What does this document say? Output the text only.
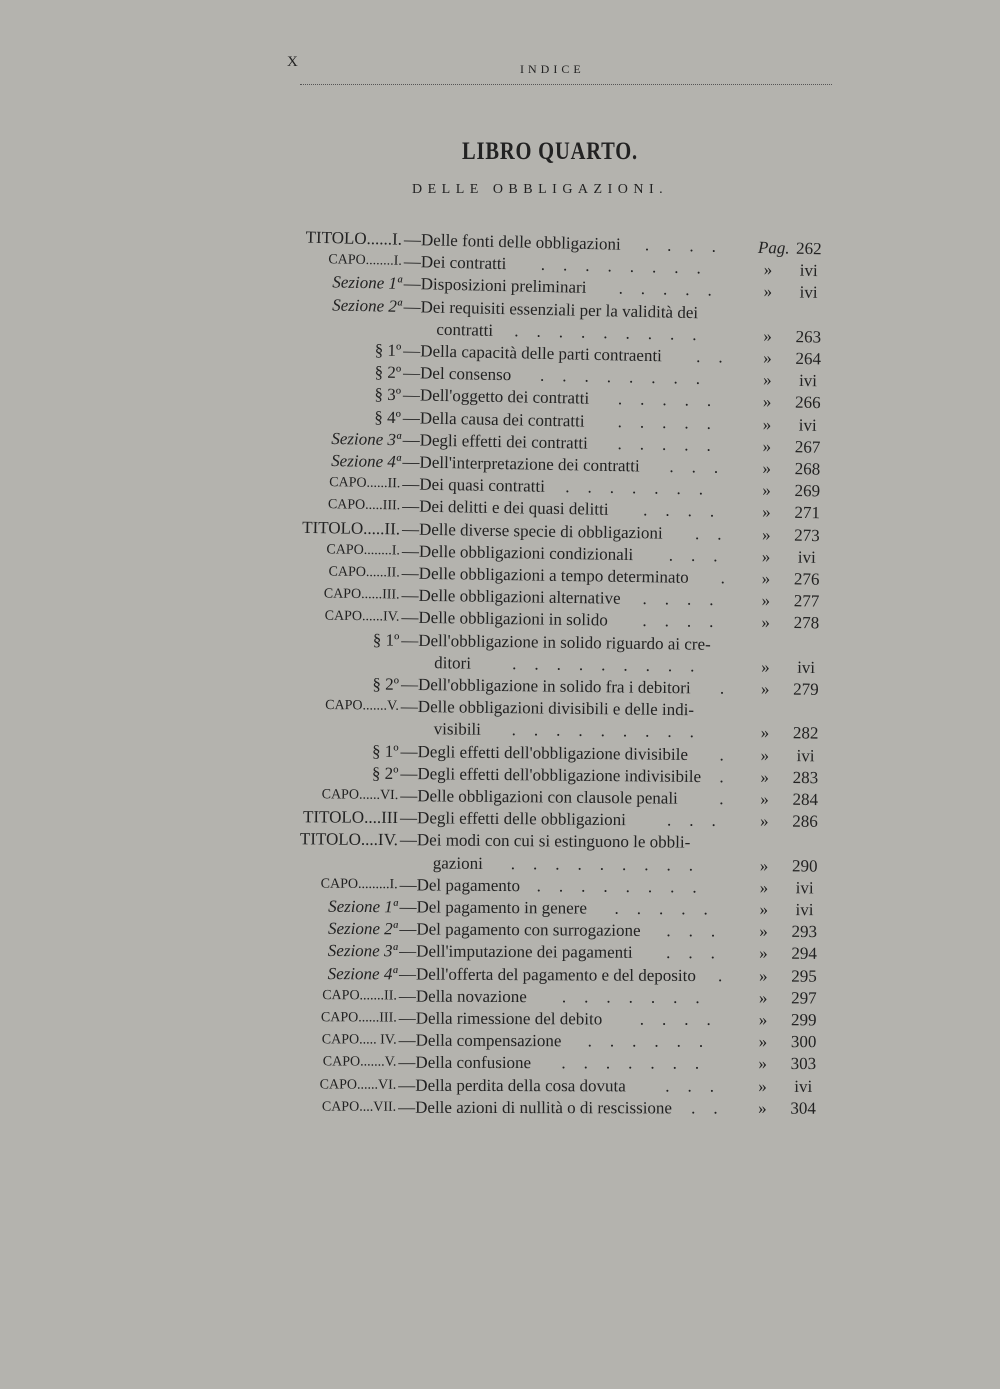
X	INDICE
LIBRO QUARTO.
DELLE OBBLIGAZIONI.
TITOLO......I. — Delle fonti delle obbligazioni .... Pag. 262
CAPO........I. — Dei contratti ........	»	ivi
Sezione 1ª — Disposizioni preliminari ..... »	ivi
Sezione 2ª — Dei requisiti essenziali per la validità dei
contratti .........	»	263
§ 1º — Della capacità delle parti contraenti .. »	264
§ 2º — Del consenso ........	»	ivi
§ 3º — Dell'oggetto dei contratti ..... »	266
§ 4º — Della causa dei contratti ..... »	ivi
Sezione 3ª — Degli effetti dei contratti ..... »	267
Sezione 4ª — Dell'interpretazione dei contratti ... »	268
CAPO......II. — Dei quasi contratti ....... »	269
CAPO.....III. — Dei delitti e dei quasi delitti .... »	271
TITOLO.....II. — Delle diverse specie di obbligazioni .. »	273
CAPO........I. — Delle obbligazioni condizionali ... »	ivi
CAPO......II. — Delle obbligazioni a tempo determinato . »	276
CAPO......III. — Delle obbligazioni alternative .... »	277
CAPO......IV. — Delle obbligazioni in solido .... »	278
§ 1º — Dell'obbligazione in solido riguardo ai cre-
ditori .........	»	ivi
§ 2º — Dell'obbligazione in solido fra i debitori . »	279
CAPO.......V. — Delle obbligazioni divisibili e delle indi-
visibili .........	»	282
§ 1º — Degli effetti dell'obbligazione divisibile . »	ivi
§ 2º — Degli effetti dell'obbligazione indivisibile . »	283
CAPO......VI. — Delle obbligazioni con clausole penali . »	284
TITOLO....III — Degli effetti delle obbligazioni ... »	286
TITOLO....IV. — Dei modi con cui si estinguono le obbli-
gazioni .........	»	290
CAPO.........I. — Del pagamento ........	»	ivi
Sezione 1ª — Del pagamento in genere ..... »	ivi
Sezione 2ª — Del pagamento con surrogazione ... »	293
Sezione 3ª — Dell'imputazione dei pagamenti ... »	294
Sezione 4ª — Dell'offerta del pagamento e del deposito . »	295
CAPO.......II. — Della novazione ....... »	297
CAPO......III. — Della rimessione del debito .... »	299
CAPO..... IV. — Della compensazione ...... »	300
CAPO.......V. — Della confusione ....... »	303
CAPO......VI. — Della perdita della cosa dovuta ... »	ivi
CAPO....VII. — Delle azioni di nullità o di rescissione .. »	304
